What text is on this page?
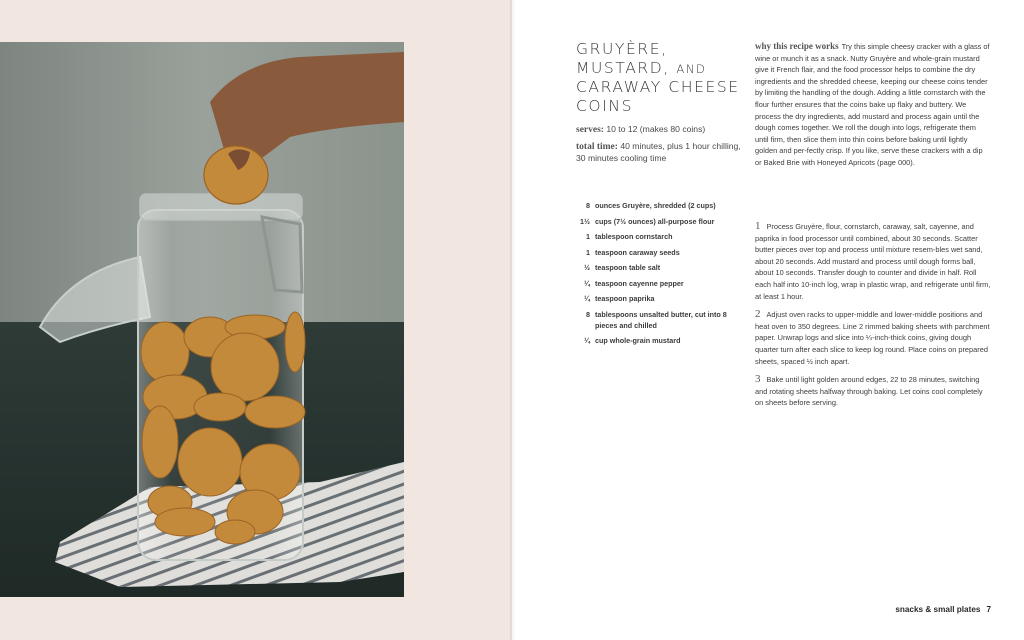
GRUYÈRE,
MUSTARD, AND
CARAWAY CHEESE
COINS
serves: 10 to 12 (makes 80 coins)
total time: 40 minutes, plus 1 hour chilling, 30 minutes cooling time

why this recipe works Try this simple cheesy cracker with a glass of wine or munch it as a snack. Nutty Gruyère and whole-grain mustard give it French flair, and the food processor helps to combine the dry ingredients and the shredded cheese, keeping our cheese coins tender by limiting the handling of the dough. Adding a little cornstarch with the flour further ensures that the coins bake up flaky and buttery. We process the dry ingredients, add mustard and process again until the dough comes together. We roll the dough into logs, refrigerate them until firm, then slice them into thin coins before baking until lightly golden and per-fectly crisp. If you like, serve these crackers with a dip or Baked Brie with Honeyed Apricots (page 000).

8 ounces Gruyère, shredded (2 cups)
1½ cups (7½ ounces) all-purpose flour
1 tablespoon cornstarch
1 teaspoon caraway seeds
½ teaspoon table salt
¼ teaspoon cayenne pepper
¼ teaspoon paprika
8 tablespoons unsalted butter, cut into 8 pieces and chilled
¼ cup whole-grain mustard
1 Process Gruyère, flour, cornstarch, caraway, salt, cayenne, and paprika in food processor until combined, about 30 seconds. Scatter butter pieces over top and process until mixture resem-bles wet sand, about 20 seconds. Add mustard and process until dough forms ball, about 10 seconds. Transfer dough to counter and divide in half. Roll each half into 10-inch log, wrap in plastic wrap, and refrigerate until firm, at least 1 hour.
2 Adjust oven racks to upper-middle and lower-middle positions and heat oven to 350 degrees. Line 2 rimmed baking sheets with parchment paper. Unwrap logs and slice into ¼-inch-thick coins, giving dough quarter turn after each slice to keep log round. Place coins on prepared sheets, spaced ½ inch apart.
3 Bake until light golden around edges, 22 to 28 minutes, switching and rotating sheets halfway through baking. Let coins cool completely on sheets before serving.
snacks & small plates 7
